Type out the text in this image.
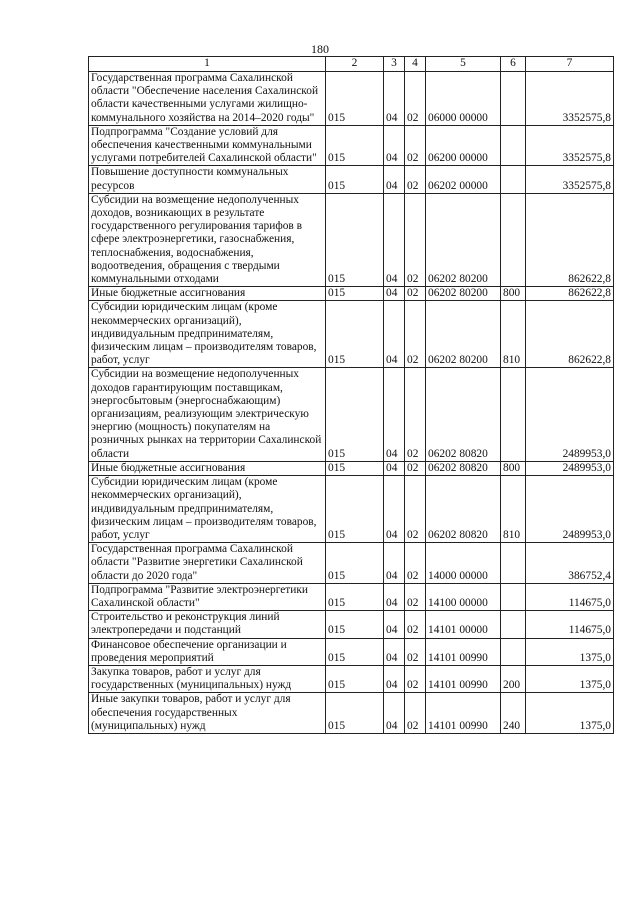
180
1	2	3	4	5	6	7
Государственная программа Сахалинской области "Обеспечение населения Сахалинской области качественными услугами жилищно-коммунального хозяйства на 2014–2020 годы"	015	04	02	06000 00000		3352575,8
Подпрограмма "Создание условий для обеспечения качественными коммунальными услугами потребителей Сахалинской области"	015	04	02	06200 00000		3352575,8
Повышение доступности коммунальных ресурсов	015	04	02	06202 00000		3352575,8
Субсидии на возмещение недополученных доходов, возникающих в результате государственного регулирования тарифов в сфере электроэнергетики, газоснабжения, теплоснабжения, водоснабжения, водоотведения, обращения с твердыми коммунальными отходами	015	04	02	06202 80200		862622,8
Иные бюджетные ассигнования	015	04	02	06202 80200	800	862622,8
Субсидии юридическим лицам (кроме некоммерческих организаций), индивидуальным предпринимателям, физическим лицам – производителям товаров, работ, услуг	015	04	02	06202 80200	810	862622,8
Субсидии на возмещение недополученных доходов гарантирующим поставщикам, энергосбытовым (энергоснабжающим) организациям, реализующим электрическую энергию (мощность) покупателям на розничных рынках на территории Сахалинской области	015	04	02	06202 80820		2489953,0
Иные бюджетные ассигнования	015	04	02	06202 80820	800	2489953,0
Субсидии юридическим лицам (кроме некоммерческих организаций), индивидуальным предпринимателям, физическим лицам – производителям товаров, работ, услуг	015	04	02	06202 80820	810	2489953,0
Государственная программа Сахалинской области "Развитие энергетики Сахалинской области до 2020 года"	015	04	02	14000 00000		386752,4
Подпрограмма "Развитие электроэнергетики Сахалинской области"	015	04	02	14100 00000		114675,0
Строительство и реконструкция линий электропередачи и подстанций	015	04	02	14101 00000		114675,0
Финансовое обеспечение организации и проведения мероприятий	015	04	02	14101 00990		1375,0
Закупка товаров, работ и услуг для государственных (муниципальных) нужд	015	04	02	14101 00990	200	1375,0
Иные закупки товаров, работ и услуг для обеспечения государственных (муниципальных) нужд	015	04	02	14101 00990	240	1375,0
